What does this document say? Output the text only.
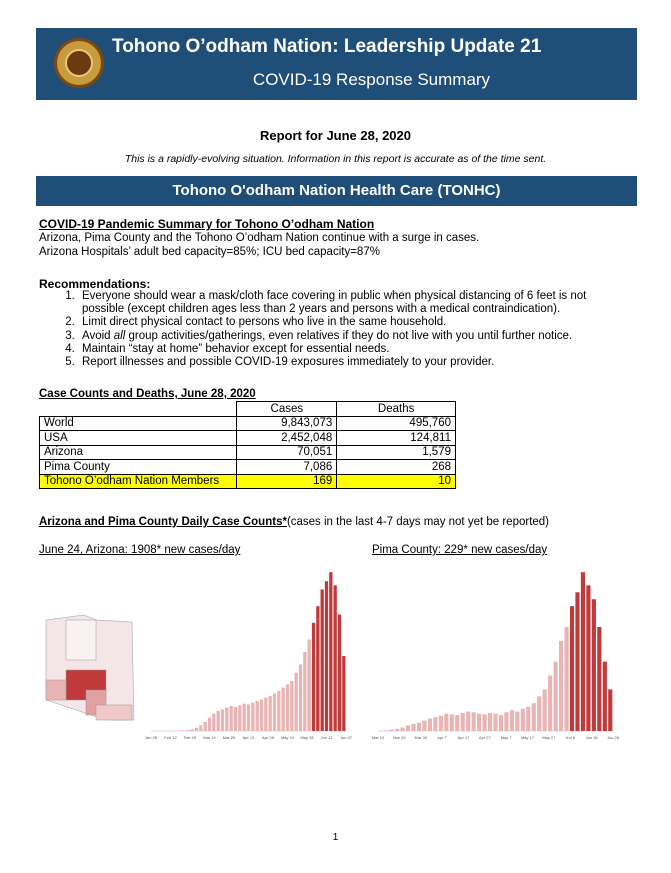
Tohono O’odham Nation: Leadership Update 21
COVID-19 Response Summary
Report for June 28, 2020
This is a rapidly-evolving situation. Information in this report is accurate as of the time sent.
Tohono O'odham Nation Health Care (TONHC)
COVID-19 Pandemic Summary for Tohono O’odham Nation
Arizona, Pima County and the Tohono O’odham Nation continue with a surge in cases.
Arizona Hospitals’ adult bed capacity=85%; ICU bed capacity=87%
Recommendations:
1. Everyone should wear a mask/cloth face covering in public when physical distancing of 6 feet is not possible (except children ages less than 2 years and persons with a medical contraindication).
2. Limit direct physical contact to persons who live in the same household.
3. Avoid all group activities/gatherings, even relatives if they do not live with you until further notice.
4. Maintain “stay at home” behavior except for essential needs.
5. Report illnesses and possible COVID-19 exposures immediately to your provider.
Case Counts and Deaths, June 28, 2020
	Cases	Deaths
World	9,843,073	495,760
USA	2,452,048	124,811
Arizona	70,051	1,579
Pima County	7,086	268
Tohono O’odham Nation Members	169	10
Arizona and Pima County Daily Case Counts*(cases in the last 4-7 days may not yet be reported)
June 24, Arizona: 1908* new cases/day	Pima County: 229* new cases/day
Jan 26 Feb 12 Feb 29 Mar 14 Mar 29 Apr 13 Apr 28 May 13 May 28 Jun 12 Jun 27	Mar 10 Mar 20 Mar 30	Apr 7	Apr 17 Apr 27	May 7 May 17 May 27 Jun 6	Jun 16 Jun 26
1
